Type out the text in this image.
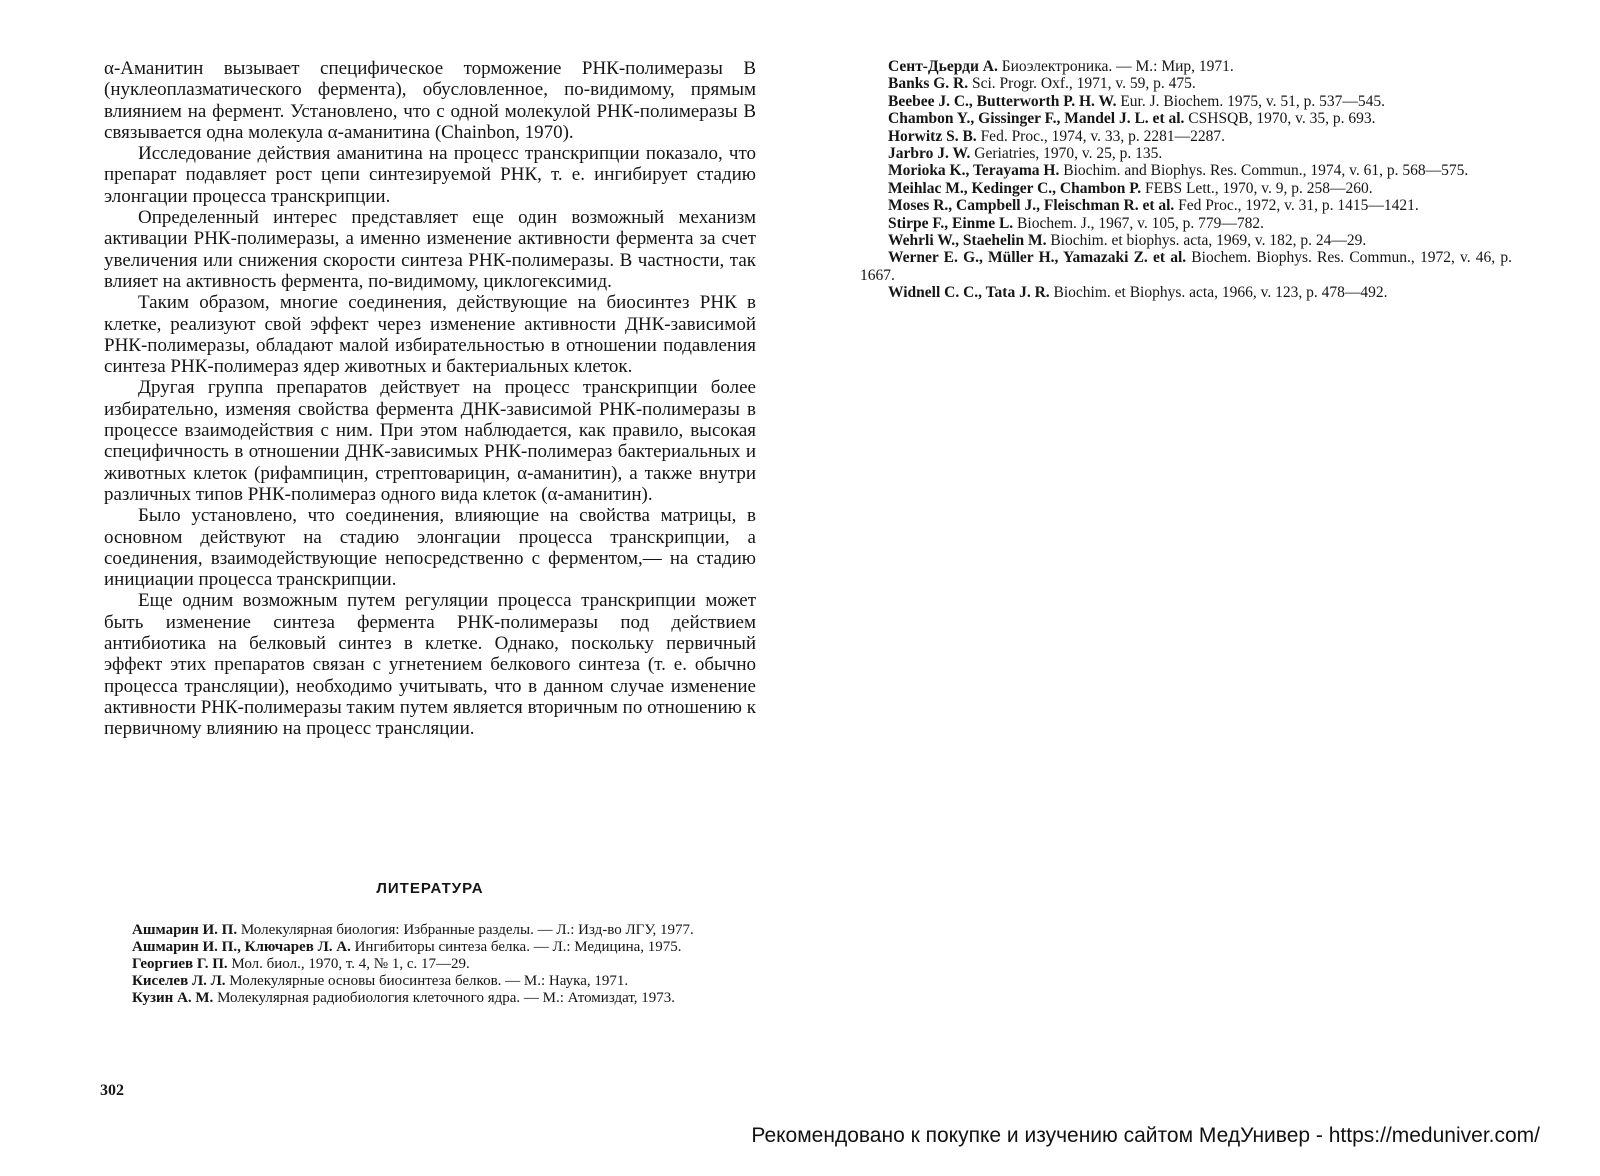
α-Аманитин вызывает специфическое торможение РНК-полимеразы В (нуклеоплазматического фермента), обусловленное, по-видимому, прямым влиянием на фермент. Установлено, что с одной молекулой РНК-полимеразы В связывается одна молекула α-аманитина (Chainbon, 1970).

Исследование действия аманитина на процесс транскрипции показало, что препарат подавляет рост цепи синтезируемой РНК, т. е. ингибирует стадию элонгации процесса транскрипции.

Определенный интерес представляет еще один возможный механизм активации РНК-полимеразы, а именно изменение активности фермента за счет увеличения или снижения скорости синтеза РНК-полимеразы. В частности, так влияет на активность фермента, по-видимому, циклогексимид.

Таким образом, многие соединения, действующие на биосинтез РНК в клетке, реализуют свой эффект через изменение активности ДНК-зависимой РНК-полимеразы, обладают малой избирательностью в отношении подавления синтеза РНК-полимераз ядер животных и бактериальных клеток.

Другая группа препаратов действует на процесс транскрипции более избирательно, изменяя свойства фермента ДНК-зависимой РНК-полимеразы в процессе взаимодействия с ним. При этом наблюдается, как правило, высокая специфичность в отношении ДНК-зависимых РНК-полимераз бактериальных и животных клеток (рифампицин, стрептоварицин, α-аманитин), а также внутри различных типов РНК-полимераз одного вида клеток (α-аманитин).

Было установлено, что соединения, влияющие на свойства матрицы, в основном действуют на стадию элонгации процесса транскрипции, а соединения, взаимодействующие непосредственно с ферментом,— на стадию инициации процесса транскрипции.

Еще одним возможным путем регуляции процесса транскрипции может быть изменение синтеза фермента РНК-полимеразы под действием антибиотика на белковый синтез в клетке. Однако, поскольку первичный эффект этих препаратов связан с угнетением белкового синтеза (т. е. обычно процесса трансляции), необходимо учитывать, что в данном случае изменение активности РНК-полимеразы таким путем является вторичным по отношению к первичному влиянию на процесс трансляции.

ЛИТЕРАТУРА

Ашмарин И. П. Молекулярная биология: Избранные разделы. — Л.: Изд-во ЛГУ, 1977.

Ашмарин И. П., Ключарев Л. А. Ингибиторы синтеза белка. — Л.: Медицина, 1975.

Георгиев Г. П. Мол. биол., 1970, т. 4, № 1, с. 17—29.

Киселев Л. Л. Молекулярные основы биосинтеза белков. — М.: Наука, 1971.

Кузин А. М. Молекулярная радиобиология клеточного ядра. — М.: Атомиздат, 1973.

Сент-Дьерди А. Биоэлектроника. — М.: Мир, 1971.

Banks G. R. Sci. Progr. Oxf., 1971, v. 59, p. 475.

Beebee J. C., Butterworth P. H. W. Eur. J. Biochem. 1975, v. 51, p. 537—545.

Chambon Y., Gissinger F., Mandel J. L. et al. CSHSQB, 1970, v. 35, p. 693.

Horwitz S. B. Fed. Proc., 1974, v. 33, p. 2281—2287.

Jarbro J. W. Geriatries, 1970, v. 25, p. 135.

Morioka K., Terayama H. Biochim. and Biophys. Res. Commun., 1974, v. 61, p. 568—575.

Meihlac M., Kedinger C., Chambon P. FEBS Lett., 1970, v. 9, p. 258—260.

Moses R., Campbell J., Fleischman R. et al. Fed Proc., 1972, v. 31, p. 1415—1421.

Stirpe F., Einme L. Biochem. J., 1967, v. 105, p. 779—782.

Wehrli W., Staehelin M. Biochim. et biophys. acta, 1969, v. 182, p. 24—29.

Werner E. G., Müller H., Yamazaki Z. et al. Biochem. Biophys. Res. Commun., 1972, v. 46, p. 1667.

Widnell C. C., Tata J. R. Biochim. et Biophys. acta, 1966, v. 123, p. 478—492.

302
Рекомендовано к покупке и изучению сайтом МедУнивер - https://meduniver.com/
